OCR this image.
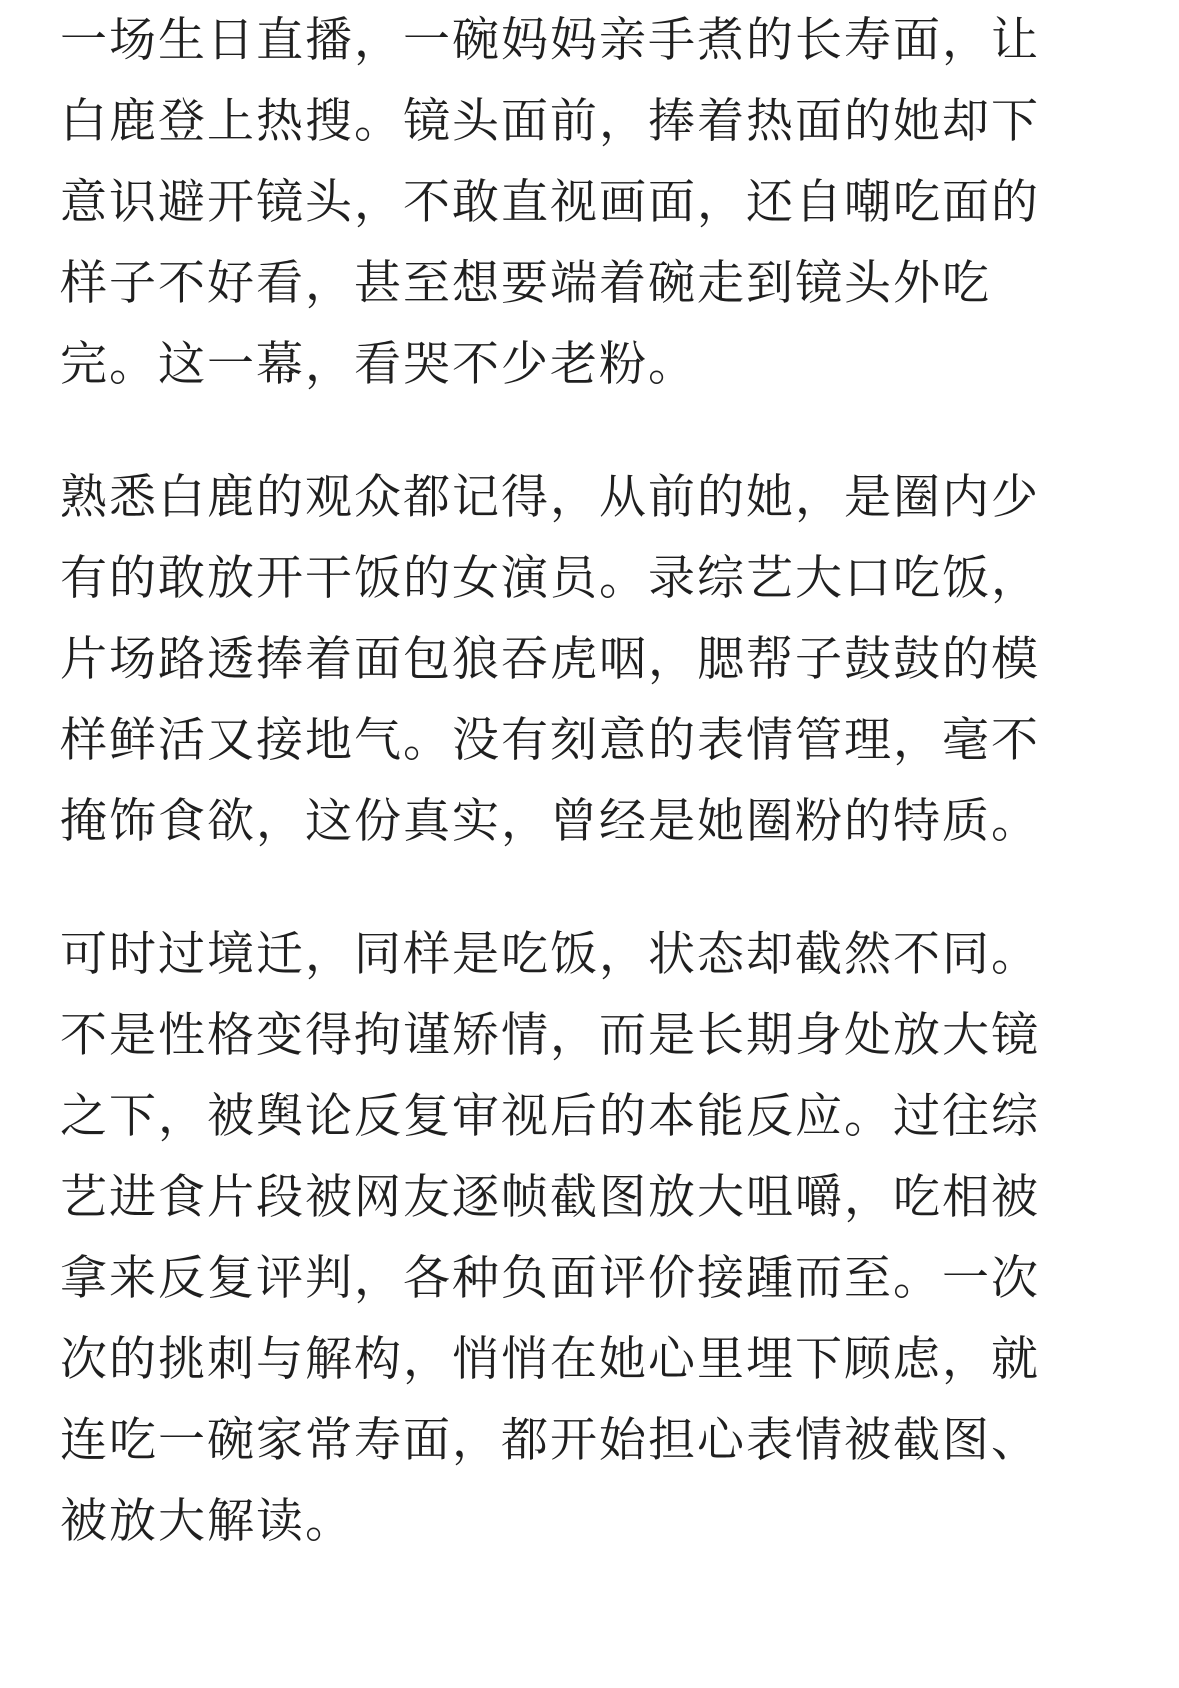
一场生日直播，一碗妈妈亲手煮的长寿面，让
白鹿登上热搜。镜头面前，捧着热面的她却下
意识避开镜头，不敢直视画面，还自嘲吃面的
样子不好看，甚至想要端着碗走到镜头外吃
完。这一幕，看哭不少老粉。

熟悉白鹿的观众都记得，从前的她，是圈内少
有的敢放开干饭的女演员。录综艺大口吃饭，
片场路透捧着面包狼吞虎咽，腮帮子鼓鼓的模
样鲜活又接地气。没有刻意的表情管理，毫不
掩饰食欲，这份真实，曾经是她圈粉的特质。

可时过境迁，同样是吃饭，状态却截然不同。
不是性格变得拘谨矫情，而是长期身处放大镜
之下，被舆论反复审视后的本能反应。过往综
艺进食片段被网友逐帧截图放大咀嚼，吃相被
拿来反复评判，各种负面评价接踵而至。一次
次的挑刺与解构，悄悄在她心里埋下顾虑，就
连吃一碗家常寿面，都开始担心表情被截图、
被放大解读。
